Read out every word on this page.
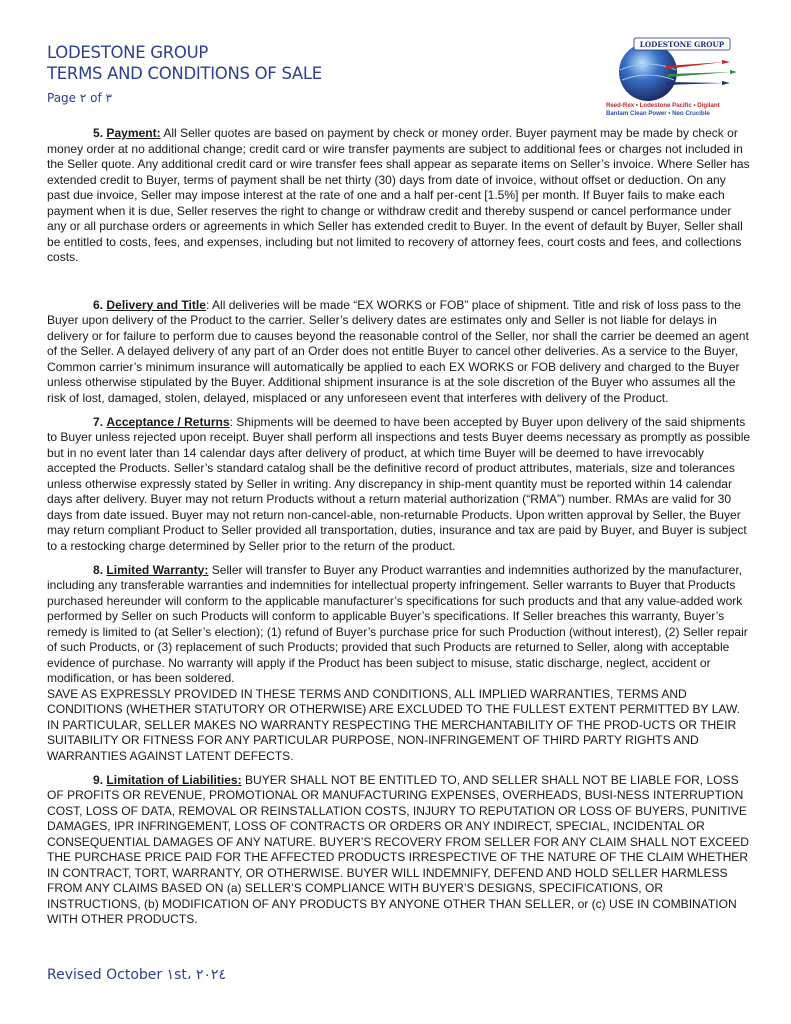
LODESTONE GROUP
TERMS AND CONDITIONS OF SALE
Page ۲ of ۳
LODESTONE GROUP
Reed-Rex • Lodestone Pacific • Digilant
Bantam Clean Power • Neo Crucible

5. Payment: All Seller quotes are based on payment by check or money order. Buyer payment may be made by check or money order at no additional change; credit card or wire transfer payments are subject to additional fees or charges not included in the Seller quote. Any additional credit card or wire transfer fees shall appear as separate items on Seller’s invoice. Where Seller has extended credit to Buyer, terms of payment shall be net thirty (30) days from date of invoice, without offset or deduction. On any past due invoice, Seller may impose interest at the rate of one and a half per-cent [1.5%] per month. If Buyer fails to make each payment when it is due, Seller reserves the right to change or withdraw credit and thereby suspend or cancel performance under any or all purchase orders or agreements in which Seller has extended credit to Buyer. In the event of default by Buyer, Seller shall be entitled to costs, fees, and expenses, including but not limited to recovery of attorney fees, court costs and fees, and collections costs.

6. Delivery and Title: All deliveries will be made “EX WORKS or FOB” place of shipment. Title and risk of loss pass to the Buyer upon delivery of the Product to the carrier. Seller’s delivery dates are estimates only and Seller is not liable for delays in delivery or for failure to perform due to causes beyond the reasonable control of the Seller, nor shall the carrier be deemed an agent of the Seller. A delayed delivery of any part of an Order does not entitle Buyer to cancel other deliveries. As a service to the Buyer, Common carrier’s minimum insurance will automatically be applied to each EX WORKS or FOB delivery and charged to the Buyer unless otherwise stipulated by the Buyer. Additional shipment insurance is at the sole discretion of the Buyer who assumes all the risk of lost, damaged, stolen, delayed, misplaced or any unforeseen event that interferes with delivery of the Product.

7. Acceptance / Returns: Shipments will be deemed to have been accepted by Buyer upon delivery of the said shipments to Buyer unless rejected upon receipt. Buyer shall perform all inspections and tests Buyer deems necessary as promptly as possible but in no event later than 14 calendar days after delivery of product, at which time Buyer will be deemed to have irrevocably accepted the Products. Seller’s standard catalog shall be the definitive record of product attributes, materials, size and tolerances unless otherwise expressly stated by Seller in writing. Any discrepancy in ship-ment quantity must be reported within 14 calendar days after delivery. Buyer may not return Products without a return material authorization (“RMA”) number. RMAs are valid for 30 days from date issued. Buyer may not return non-cancel-able, non-returnable Products. Upon written approval by Seller, the Buyer may return compliant Product to Seller provided all transportation, duties, insurance and tax are paid by Buyer, and Buyer is subject to a restocking charge determined by Seller prior to the return of the product.

8. Limited Warranty: Seller will transfer to Buyer any Product warranties and indemnities authorized by the manufacturer, including any transferable warranties and indemnities for intellectual property infringement. Seller warrants to Buyer that Products purchased hereunder will conform to the applicable manufacturer’s specifications for such products and that any value-added work performed by Seller on such Products will conform to applicable Buyer’s specifications. If Seller breaches this warranty, Buyer’s remedy is limited to (at Seller’s election); (1) refund of Buyer’s purchase price for such Production (without interest), (2) Seller repair of such Products, or (3) replacement of such Products; provided that such Products are returned to Seller, along with acceptable evidence of purchase. No warranty will apply if the Product has been subject to misuse, static discharge, neglect, accident or modification, or has been soldered.

SAVE AS EXPRESSLY PROVIDED IN THESE TERMS AND CONDITIONS, ALL IMPLIED WARRANTIES, TERMS AND CONDITIONS (WHETHER STATUTORY OR OTHERWISE) ARE EXCLUDED TO THE FULLEST EXTENT PERMITTED BY LAW. IN PARTICULAR, SELLER MAKES NO WARRANTY RESPECTING THE MERCHANTABILITY OF THE PROD-UCTS OR THEIR SUITABILITY OR FITNESS FOR ANY PARTICULAR PURPOSE, NON-INFRINGEMENT OF THIRD PARTY RIGHTS AND WARRANTIES AGAINST LATENT DEFECTS.

9. Limitation of Liabilities: BUYER SHALL NOT BE ENTITLED TO, AND SELLER SHALL NOT BE LIABLE FOR, LOSS OF PROFITS OR REVENUE, PROMOTIONAL OR MANUFACTURING EXPENSES, OVERHEADS, BUSI-NESS INTERRUPTION COST, LOSS OF DATA, REMOVAL OR REINSTALLATION COSTS, INJURY TO REPUTATION OR LOSS OF BUYERS, PUNITIVE DAMAGES, IPR INFRINGEMENT, LOSS OF CONTRACTS OR ORDERS OR ANY INDIRECT, SPECIAL, INCIDENTAL OR CONSEQUENTIAL DAMAGES OF ANY NATURE. BUYER’S RECOVERY FROM SELLER FOR ANY CLAIM SHALL NOT EXCEED THE PURCHASE PRICE PAID FOR THE AFFECTED PRODUCTS IRRESPECTIVE OF THE NATURE OF THE CLAIM WHETHER IN CONTRACT, TORT, WARRANTY, OR OTHERWISE. BUYER WILL INDEMNIFY, DEFEND AND HOLD SELLER HARMLESS FROM ANY CLAIMS BASED ON (a) SELLER’S COMPLIANCE WITH BUYER’S DESIGNS, SPECIFICATIONS, OR INSTRUCTIONS, (b) MODIFICATION OF ANY PRODUCTS BY ANYONE OTHER THAN SELLER, or (c) USE IN COMBINATION WITH OTHER PRODUCTS.

Revised October ۱st، ۲۰۲٤
